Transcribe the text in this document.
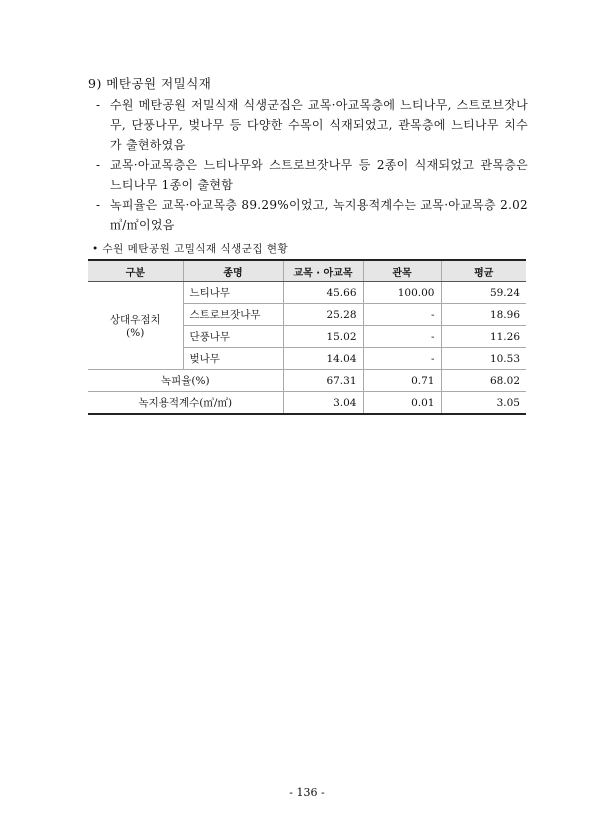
9) 메탄공원 저밀식재
- 수원 메탄공원 저밀식재 식생군집은 교목·아교목층에 느티나무, 스트로브잣나무, 단풍나무, 벚나무 등 다양한 수목이 식재되었고, 관목층에 느티나무 치수가 출현하였음
- 교목·아교목층은 느티나무와 스트로브잣나무 등 2종이 식재되었고 관목층은 느티나무 1종이 출현함
- 녹피율은 교목·아교목층 89.29%이었고, 녹지용적계수는 교목·아교목층 2.02㎥/㎡이었음
• 수원 메탄공원 고밀식재 식생군집 현황
구분	종명	교목 · 아교목	관목	평균

상대우점치
(%)	느티나무	45.66	100.00	59.24
	스트로브잣나무	25.28	-	18.96
	단풍나무	15.02	-	11.26
	벚나무	14.04	-	10.53
녹피율(%)		67.31	0.71	68.02
녹지용적계수(㎥/㎡)		3.04	0.01	3.05
- 136 -
